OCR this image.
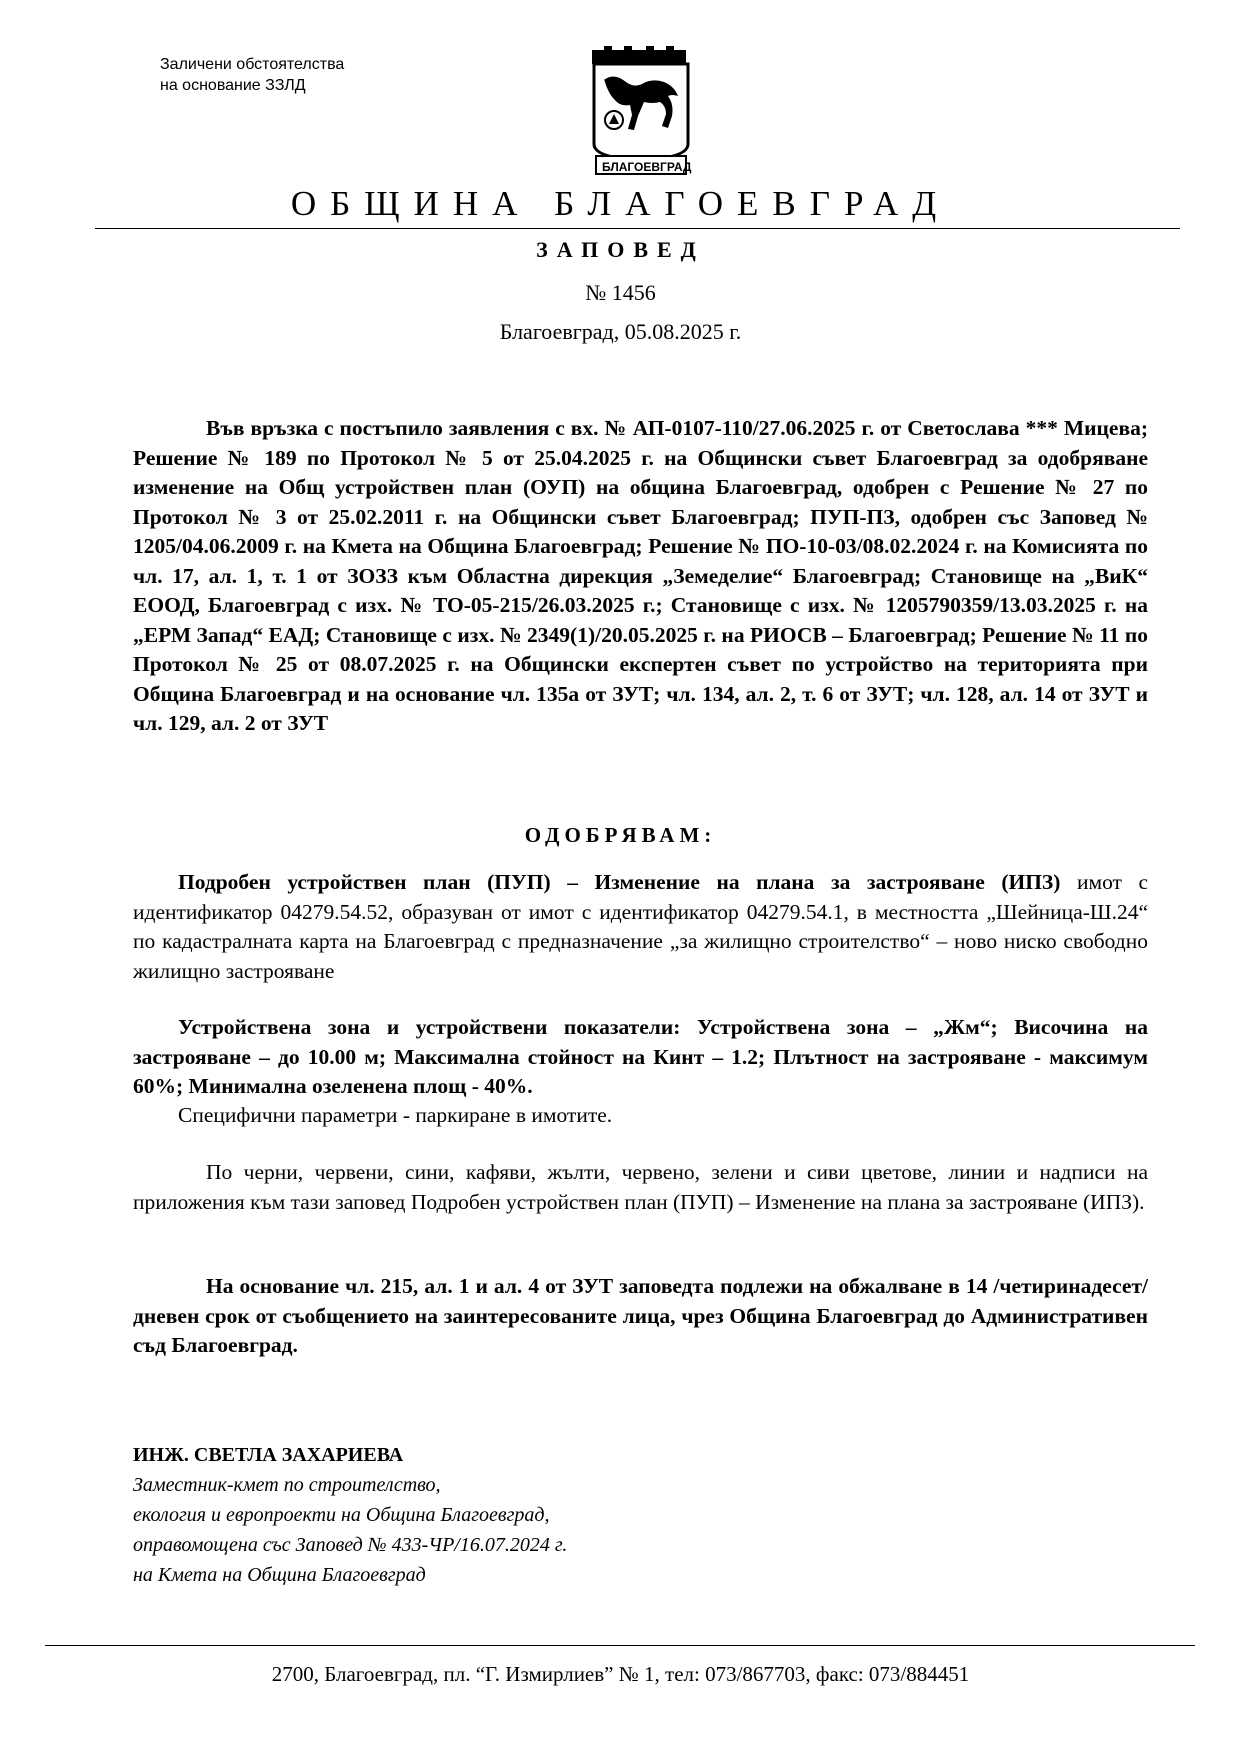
Заличени обстоятелства
на основание ЗЗЛД
БЛАГОЕВГРАД
ОБЩИНА БЛАГОЕВГРАД
ЗАПОВЕД
№ 1456
Благоевград, 05.08.2025 г.
Във връзка с постъпило заявления с вх. № АП-0107-110/27.06.2025 г. от Светослава *** Мицева; Решение № 189 по Протокол № 5 от 25.04.2025 г. на Общински съвет Благоевград за одобряване изменение на Общ устройствен план (ОУП) на община Благоевград, одобрен с Решение № 27 по Протокол № 3 от 25.02.2011 г. на Общински съвет Благоевград; ПУП-ПЗ, одобрен със Заповед № 1205/04.06.2009 г. на Кмета на Община Благоевград; Решение № ПО-10-03/08.02.2024 г. на Комисията по чл. 17, ал. 1, т. 1 от ЗОЗЗ към Областна дирекция „Земеделие“ Благоевград; Становище на „ВиК“ ЕООД, Благоевград с изх. № ТО-05-215/26.03.2025 г.; Становище с изх. № 1205790359/13.03.2025 г. на „ЕРМ Запад“ ЕАД; Становище с изх. № 2349(1)/20.05.2025 г. на РИОСВ – Благоевград; Решение № 11 по Протокол № 25 от 08.07.2025 г. на Общински експертен съвет по устройство на територията при Община Благоевград и на основание чл. 135а от ЗУТ; чл. 134, ал. 2, т. 6 от ЗУТ; чл. 128, ал. 14 от ЗУТ и чл. 129, ал. 2 от ЗУТ
ОДОБРЯВАМ:
Подробен устройствен план (ПУП) – Изменение на плана за застрояване (ИПЗ) имот с идентификатор 04279.54.52, образуван от имот с идентификатор 04279.54.1, в местността „Шейница-Ш.24“ по кадастралната карта на Благоевград с предназначение „за жилищно строителство“ – ново ниско свободно жилищно застрояване
Устройствена зона и устройствени показатели: Устройствена зона – „Жм“; Височина на застрояване – до 10.00 м; Максимална стойност на Кинт – 1.2; Плътност на застрояване - максимум 60%; Минимална озеленена площ - 40%.
Специфични параметри - паркиране в имотите.
По черни, червени, сини, кафяви, жълти, червено, зелени и сиви цветове, линии и надписи на приложения към тази заповед Подробен устройствен план (ПУП) – Изменение на плана за застрояване (ИПЗ).
На основание чл. 215, ал. 1 и ал. 4 от ЗУТ заповедта подлежи на обжалване в 14 /четиринадесет/ дневен срок от съобщението на заинтересованите лица, чрез Община Благоевград до Административен съд Благоевград.
ИНЖ. СВЕТЛА ЗАХАРИЕВА
Заместник-кмет по строителство,
екология и европроекти на Община Благоевград,
оправомощена със Заповед № 433-ЧР/16.07.2024 г.
на Кмета на Община Благоевград
2700, Благоевград, пл. “Г. Измирлиев” № 1, тел: 073/867703, факс: 073/884451
